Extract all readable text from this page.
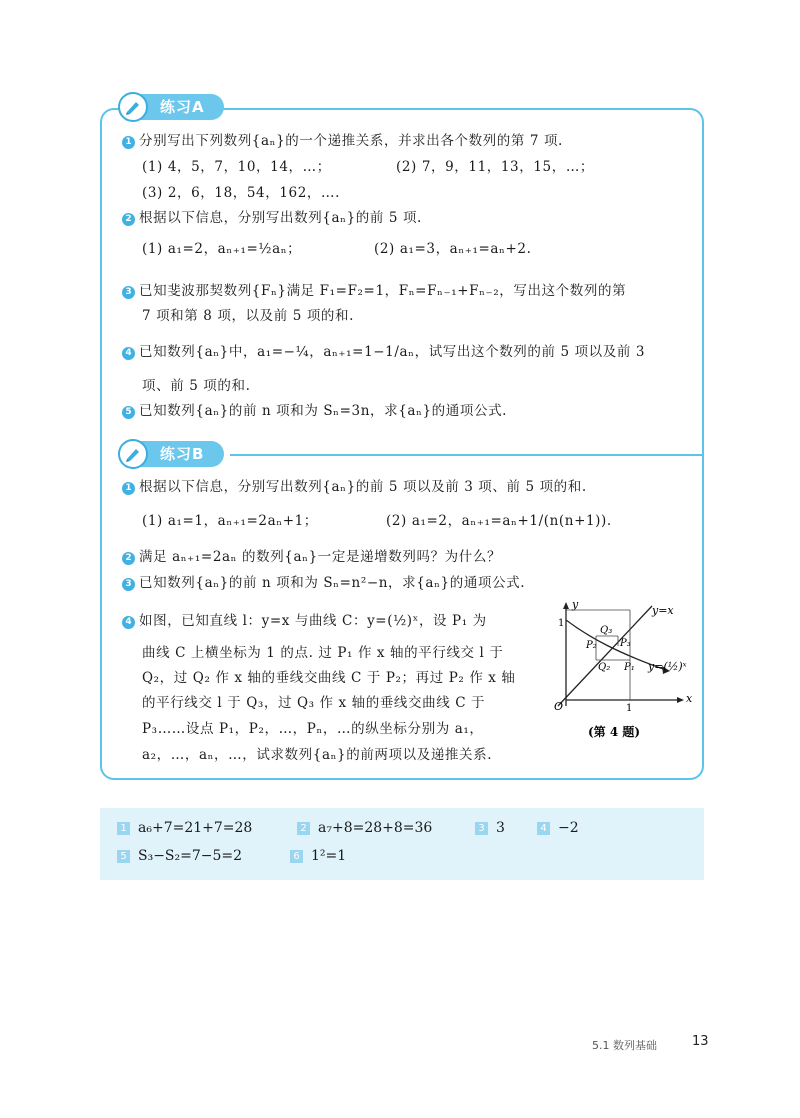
练习A
1 分别写出下列数列{aₙ}的一个递推关系，并求出各个数列的第 7 项.
(1) 4，5，7，10，14，…；	(2) 7，9，11，13，15，…；
(3) 2，6，18，54，162，….
2 根据以下信息，分别写出数列{aₙ}的前 5 项.
(1) a₁=2，aₙ₊₁=½aₙ；	(2) a₁=3，aₙ₊₁=aₙ+2.
3 已知斐波那契数列{Fₙ}满足 F₁=F₂=1，Fₙ=Fₙ₋₁+Fₙ₋₂，写出这个数列的第
7 项和第 8 项，以及前 5 项的和.
4 已知数列{aₙ}中，a₁=−¼，aₙ₊₁=1−1/aₙ，试写出这个数列的前 5 项以及前 3
项、前 5 项的和.
5 已知数列{aₙ}的前 n 项和为 Sₙ=3n，求{aₙ}的通项公式.
练习B
1 根据以下信息，分别写出数列{aₙ}的前 5 项以及前 3 项、前 5 项的和.
(1) a₁=1，aₙ₊₁=2aₙ+1；	(2) a₁=2，aₙ₊₁=aₙ+1/(n(n+1)).
2 满足 aₙ₊₁=2aₙ 的数列{aₙ}一定是递增数列吗？为什么？
3 已知数列{aₙ}的前 n 项和为 Sₙ=n²−n，求{aₙ}的通项公式.
4 如图，已知直线 l：y=x 与曲线 C：y=(½)ˣ，设 P₁ 为
曲线 C 上横坐标为 1 的点. 过 P₁ 作 x 轴的平行线交 l 于
Q₂，过 Q₂ 作 x 轴的垂线交曲线 C 于 P₂；再过 P₂ 作 x 轴
的平行线交 l 于 Q₃，过 Q₃ 作 x 轴的垂线交曲线 C 于
P₃……设点 P₁，P₂，…，Pₙ，…的纵坐标分别为 a₁，
a₂，…，aₙ，…，试求数列{aₙ}的前两项以及递推关系.
O
y
x
1
1
y=x
y=(½)ˣ
P₁
P₂ P₃
Q₂
Q₃
(第 4 题)
1 a₆+7=21+7=28	2 a₇+8=28+8=36	3 3	4 −2
5 S₃−S₂=7−5=2	6 1²=1
5.1 数列基础	13
